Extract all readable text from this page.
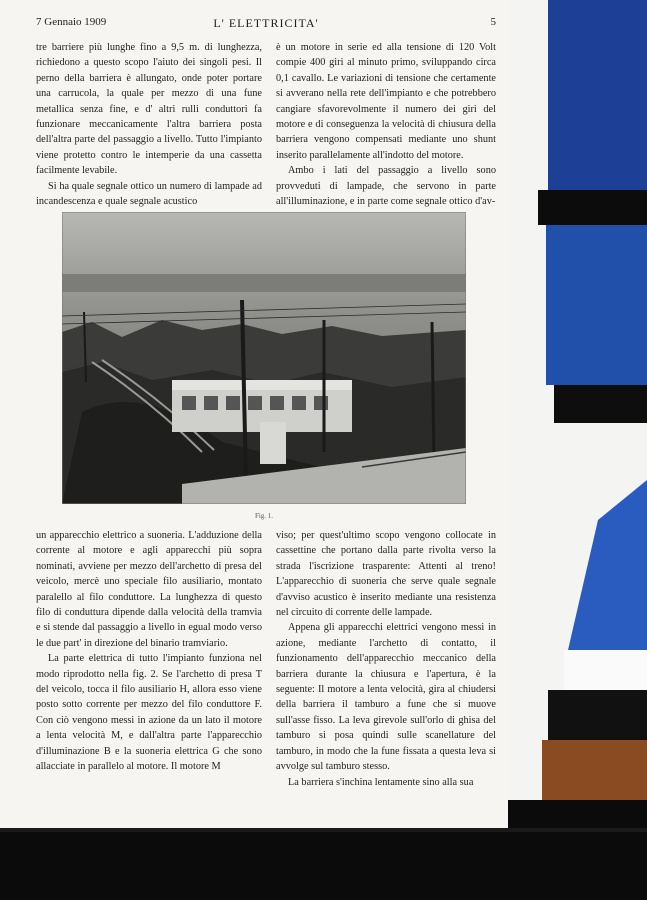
7 Gennaio 1909	L' ELETTRICITA'	5

tre barriere più lunghe fino a 9,5 m. di lunghezza, richiedono a questo scopo l'aiuto dei singoli pesi. Il perno della barriera è allungato, onde poter portare una carrucola, la quale per mezzo di una fune metallica senza fine, e d' altri rulli conduttori fa funzionare meccanicamente l'altra barriera posta dell'altra parte del passaggio a livello. Tutto l'impianto viene protetto contro le intemperie da una cassetta facilmente levabile.

Si ha quale segnale ottico un numero di lampade ad incandescenza e quale segnale acustico

è un motore in serie ed alla tensione di 120 Volt compie 400 giri al minuto primo, sviluppando circa 0,1 cavallo. Le variazioni di tensione che certamente si avverano nella rete dell'impianto e che potrebbero cangiare sfavorevolmente il numero dei giri del motore e di conseguenza la velocità di chiusura della barriera vengono compensati mediante uno shunt inserito parallelamente all'indotto del motore.

Ambo i lati del passaggio a livello sono provveduti di lampade, che servono in parte all'illuminazione, e in parte come segnale ottico d'av-

Fig. 1.

un apparecchio elettrico a suoneria. L'adduzione della corrente al motore e agli apparecchi più sopra nominati, avviene per mezzo dell'archetto di presa del veicolo, mercè uno speciale filo ausiliario, montato paralello al filo conduttore. La lunghezza di questo filo di conduttura dipende dalla velocità della tramvia e si stende dal passaggio a livello in egual modo verso le due part' in direzione del binario tramviario.

La parte elettrica di tutto l'impianto funziona nel modo riprodotto nella fig. 2. Se l'archetto di presa T del veicolo, tocca il filo ausiliario H, allora esso viene posto sotto corrente per mezzo del filo conduttore F. Con ciò vengono messi in azione da un lato il motore a lenta velocità M, e dall'altra parte l'apparecchio d'illuminazione B e la suoneria elettrica G che sono allacciate in parallelo al motore. Il motore M

viso; per quest'ultimo scopo vengono collocate in cassettine che portano dalla parte rivolta verso la strada l'iscrizione trasparente: Attenti al treno! L'apparecchio di suoneria che serve quale segnale d'avviso acustico è inserito mediante una resistenza nel circuito di corrente delle lampade.

Appena gli apparecchi elettrici vengono messi in azione, mediante l'archetto di contatto, il funzionamento dell'apparecchio meccanico della barriera durante la chiusura e l'apertura, è la seguente: Il motore a lenta velocità, gira al chiudersi della barriera il tamburo a fune che si muove sull'asse fisso. La leva girevole sull'orlo di ghisa del tamburo si posa quindi sulle scanellature del tamburo, in modo che la fune fissata a questa leva si avvolge sul tamburo stesso.

La barriera s'inchina lentamente sino alla sua
